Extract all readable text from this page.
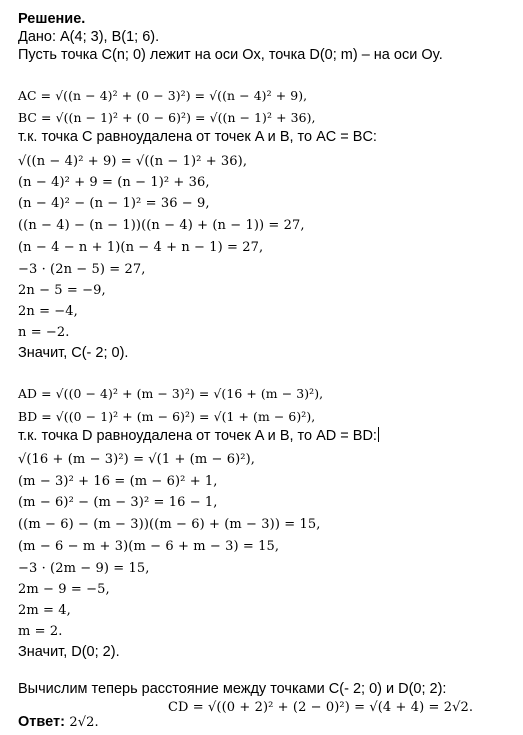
Решение.
Дано: A(4; 3), B(1; 6).
Пусть точка C(n; 0) лежит на оси Ox, точка D(0; m) – на оси Oy.
AC = √((n − 4)² + (0 − 3)²) = √((n − 4)² + 9),
BC = √((n − 1)² + (0 − 6)²) = √((n − 1)² + 36),
т.к. точка C равноудалена от точек A и B, то AC = BC:
√((n − 4)² + 9) = √((n − 1)² + 36),
(n − 4)² + 9 = (n − 1)² + 36,
(n − 4)² − (n − 1)² = 36 − 9,
((n − 4) − (n − 1))((n − 4) + (n − 1)) = 27,
(n − 4 − n + 1)(n − 4 + n − 1) = 27,
−3 · (2n − 5) = 27,
2n − 5 = −9,
2n = −4,
n = −2.
Значит, C(- 2; 0).
AD = √((0 − 4)² + (m − 3)²) = √(16 + (m − 3)²),
BD = √((0 − 1)² + (m − 6)²) = √(1 + (m − 6)²),
т.к. точка D равноудалена от точек A и B, то AD = BD:
√(16 + (m − 3)²) = √(1 + (m − 6)²),
(m − 3)² + 16 = (m − 6)² + 1,
(m − 6)² − (m − 3)² = 16 − 1,
((m − 6) − (m − 3))((m − 6) + (m − 3)) = 15,
(m − 6 − m + 3)(m − 6 + m − 3) = 15,
−3 · (2m − 9) = 15,
2m − 9 = −5,
2m = 4,
m = 2.
Значит, D(0; 2).
Вычислим теперь расстояние между точками C(- 2; 0) и D(0; 2):
CD = √((0 + 2)² + (2 − 0)²) = √(4 + 4) = 2√2.
Ответ: 2√2.
